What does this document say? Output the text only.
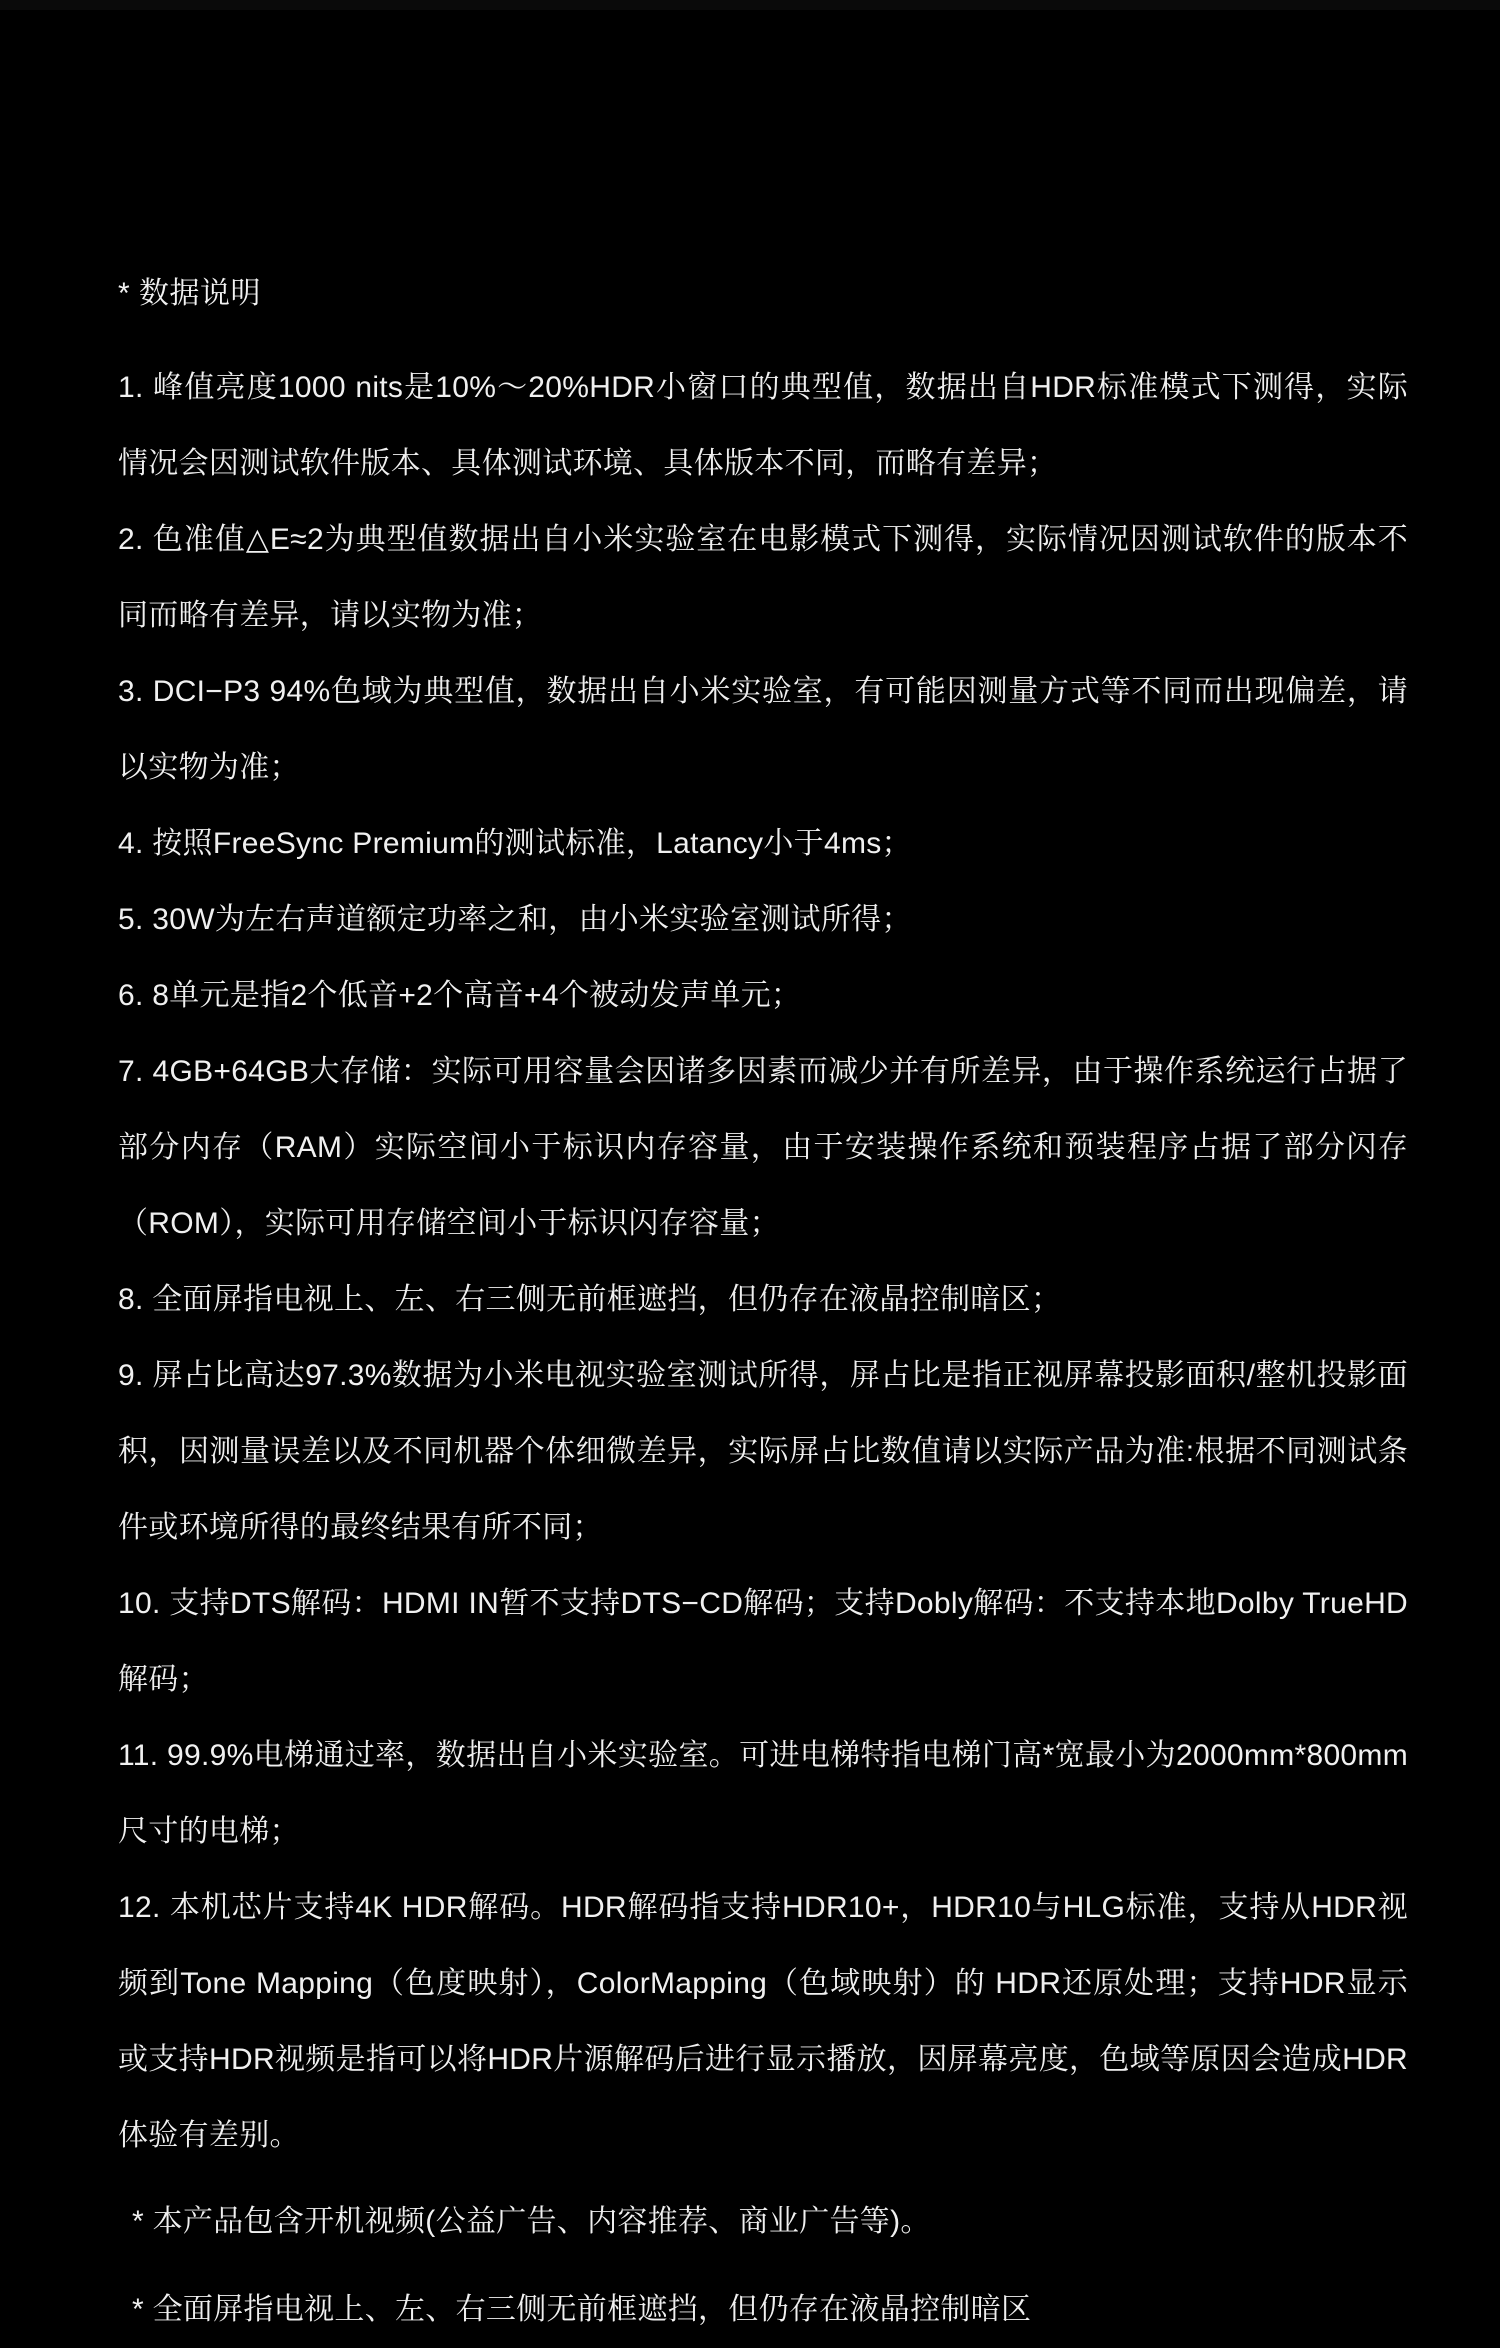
* 数据说明

1. 峰值亮度1000 nits是10%～20%HDR小窗口的典型值，数据出自HDR标准模式下测得，实际情况会因测试软件版本、具体测试环境、具体版本不同，而略有差异；

2. 色准值△E≈2为典型值数据出自小米实验室在电影模式下测得，实际情况因测试软件的版本不同而略有差异，请以实物为准；

3. DCI−P3 94%色域为典型值，数据出自小米实验室，有可能因测量方式等不同而出现偏差，请以实物为准；

4. 按照FreeSync Premium的测试标准，Latancy小于4ms；

5. 30W为左右声道额定功率之和，由小米实验室测试所得；

6. 8单元是指2个低音+2个高音+4个被动发声单元；

7. 4GB+64GB大存储：实际可用容量会因诸多因素而减少并有所差异，由于操作系统运行占据了部分内存（RAM）实际空间小于标识内存容量，由于安装操作系统和预装程序占据了部分闪存（ROM），实际可用存储空间小于标识闪存容量；

8. 全面屏指电视上、左、右三侧无前框遮挡，但仍存在液晶控制暗区；

9. 屏占比高达97.3%数据为小米电视实验室测试所得，屏占比是指正视屏幕投影面积/整机投影面积，因测量误差以及不同机器个体细微差异，实际屏占比数值请以实际产品为准:根据不同测试条件或环境所得的最终结果有所不同；

10. 支持DTS解码：HDMI IN暂不支持DTS−CD解码；支持Dobly解码：不支持本地Dolby TrueHD解码；

11. 99.9%电梯通过率，数据出自小米实验室。可进电梯特指电梯门高*宽最小为2000mm*800mm尺寸的电梯；

12. 本机芯片支持4K HDR解码。HDR解码指支持HDR10+，HDR10与HLG标准，支持从HDR视频到Tone Mapping（色度映射），ColorMapping（色域映射）的 HDR还原处理；支持HDR显示或支持HDR视频是指可以将HDR片源解码后进行显示播放，因屏幕亮度，色域等原因会造成HDR体验有差别。

* 本产品包含开机视频(公益广告、内容推荐、商业广告等)。

* 全面屏指电视上、左、右三侧无前框遮挡，但仍存在液晶控制暗区
